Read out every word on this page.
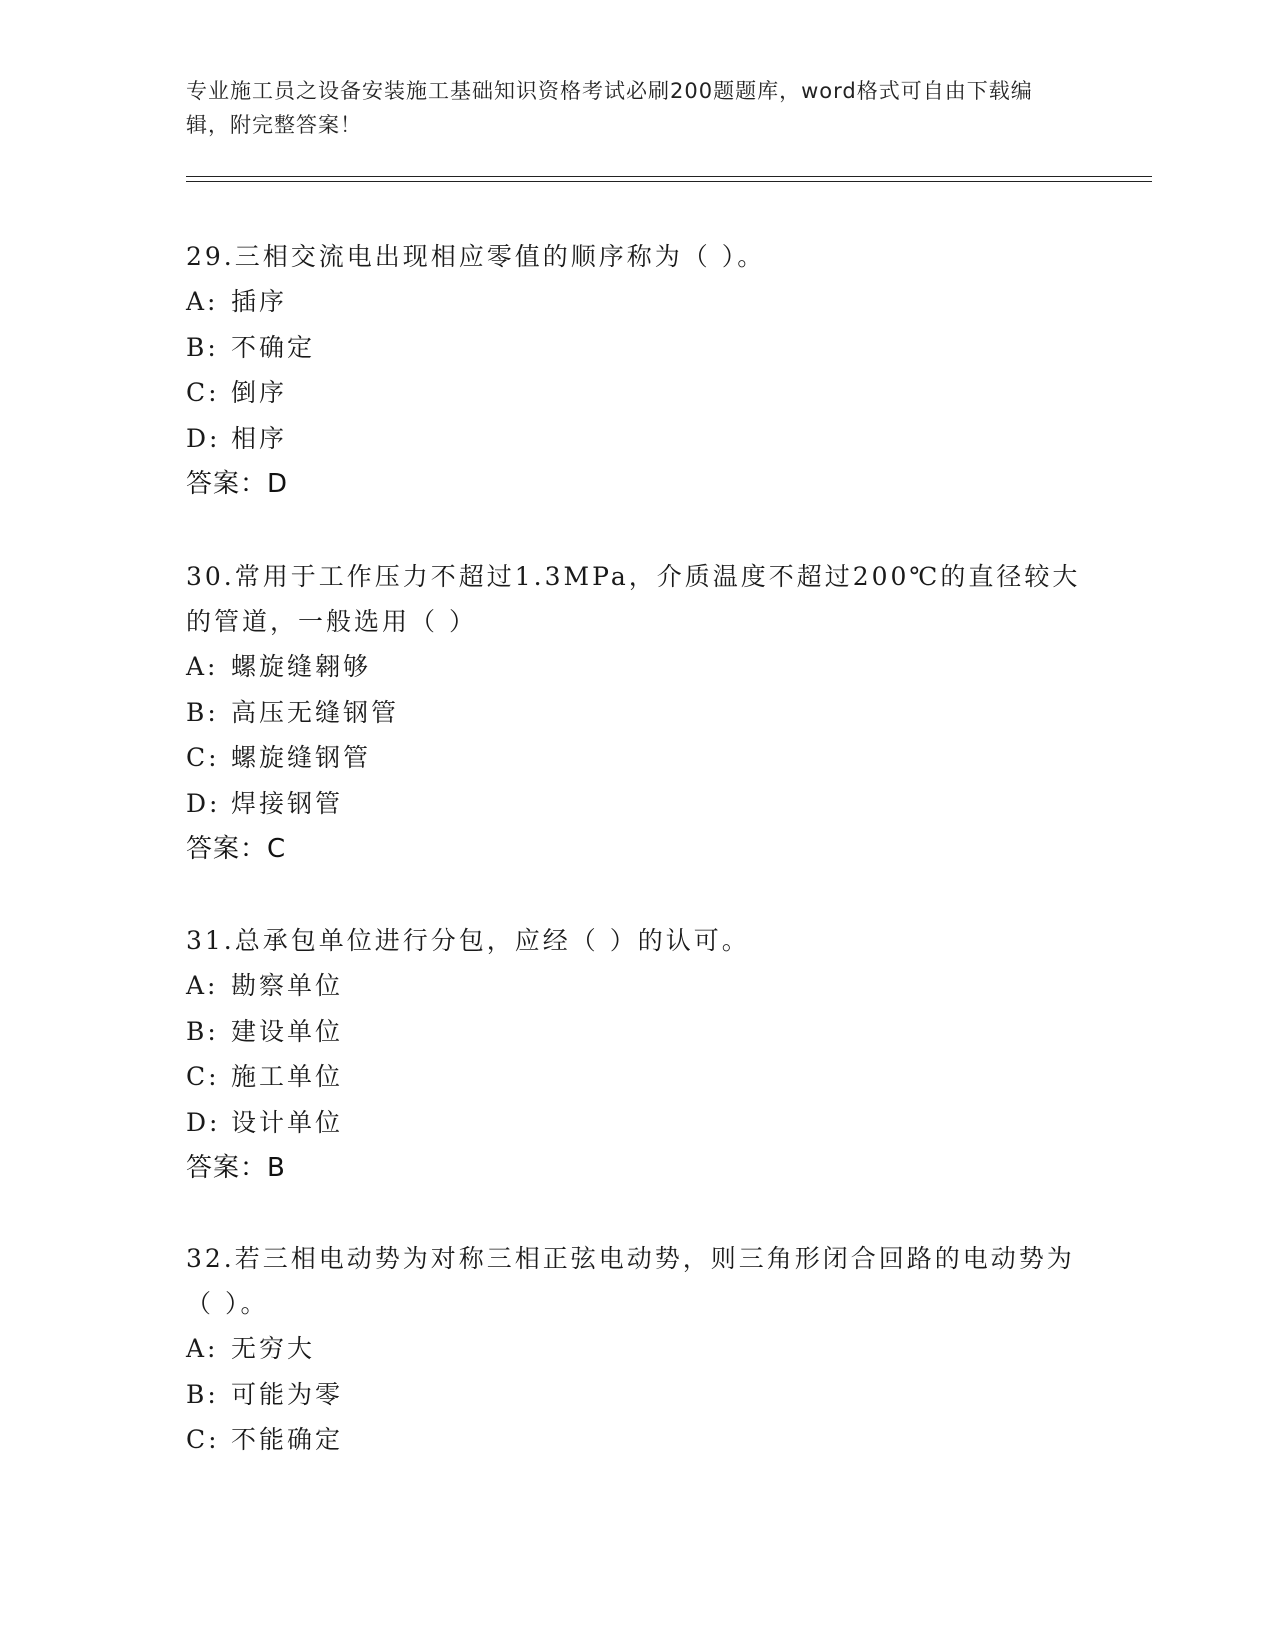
专业施工员之设备安装施工基础知识资格考试必刷200题题库，word格式可自由下载编辑，附完整答案！

29.三相交流电出现相应零值的顺序称为（ ）。

A: 插序

B: 不确定

C: 倒序

D: 相序

答案：D

30.常用于工作压力不超过1.3MPa，介质温度不超过200℃的直径较大的管道，一般选用（ ）

A: 螺旋缝翱够

B: 高压无缝钢管

C: 螺旋缝钢管

D: 焊接钢管

答案：C

31.总承包单位进行分包，应经（ ）的认可。

A: 勘察单位

B: 建设单位

C: 施工单位

D: 设计单位

答案：B

32.若三相电动势为对称三相正弦电动势，则三角形闭合回路的电动势为（ ）。

A: 无穷大

B: 可能为零

C: 不能确定
